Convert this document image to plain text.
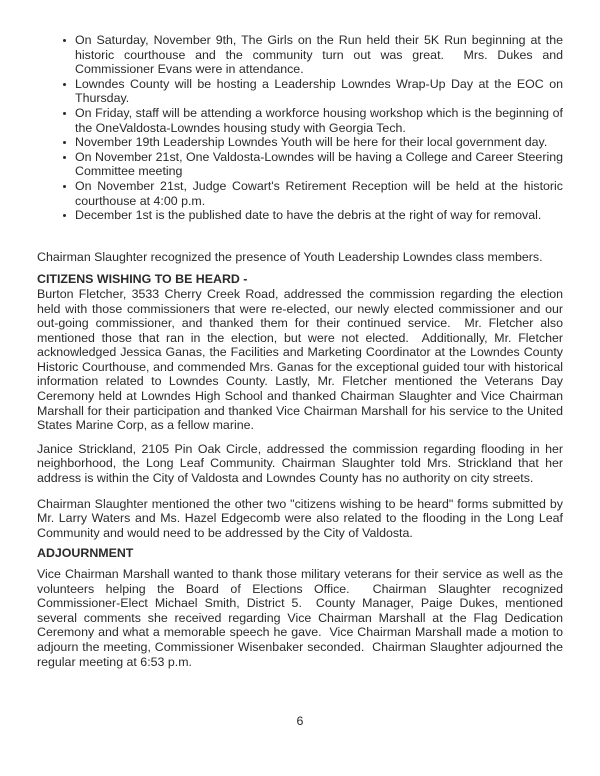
On Saturday, November 9th, The Girls on the Run held their 5K Run beginning at the historic courthouse and the community turn out was great.  Mrs. Dukes and Commissioner Evans were in attendance.
Lowndes County will be hosting a Leadership Lowndes Wrap-Up Day at the EOC on Thursday.
On Friday, staff will be attending a workforce housing workshop which is the beginning of the OneValdosta-Lowndes housing study with Georgia Tech.
November 19th Leadership Lowndes Youth will be here for their local government day.
On November 21st, One Valdosta-Lowndes will be having a College and Career Steering Committee meeting
On November 21st, Judge Cowart's Retirement Reception will be held at the historic courthouse at 4:00 p.m.
December 1st is the published date to have the debris at the right of way for removal.

Chairman Slaughter recognized the presence of Youth Leadership Lowndes class members.

CITIZENS WISHING TO BE HEARD -

Burton Fletcher, 3533 Cherry Creek Road, addressed the commission regarding the election held with those commissioners that were re-elected, our newly elected commissioner and our out-going commissioner, and thanked them for their continued service.  Mr. Fletcher also mentioned those that ran in the election, but were not elected.  Additionally, Mr. Fletcher acknowledged Jessica Ganas, the Facilities and Marketing Coordinator at the Lowndes County Historic Courthouse, and commended Mrs. Ganas for the exceptional guided tour with historical information related to Lowndes County. Lastly, Mr. Fletcher mentioned the Veterans Day Ceremony held at Lowndes High School and thanked Chairman Slaughter and Vice Chairman Marshall for their participation and thanked Vice Chairman Marshall for his service to the United States Marine Corp, as a fellow marine.

Janice Strickland, 2105 Pin Oak Circle, addressed the commission regarding flooding in her neighborhood, the Long Leaf Community. Chairman Slaughter told Mrs. Strickland that her address is within the City of Valdosta and Lowndes County has no authority on city streets.

Chairman Slaughter mentioned the other two "citizens wishing to be heard" forms submitted by Mr. Larry Waters and Ms. Hazel Edgecomb were also related to the flooding in the Long Leaf Community and would need to be addressed by the City of Valdosta.

ADJOURNMENT

Vice Chairman Marshall wanted to thank those military veterans for their service as well as the volunteers helping the Board of Elections Office.  Chairman Slaughter recognized Commissioner-Elect Michael Smith, District 5.  County Manager, Paige Dukes, mentioned several comments she received regarding Vice Chairman Marshall at the Flag Dedication Ceremony and what a memorable speech he gave.  Vice Chairman Marshall made a motion to adjourn the meeting, Commissioner Wisenbaker seconded.  Chairman Slaughter adjourned the regular meeting at 6:53 p.m.

6
